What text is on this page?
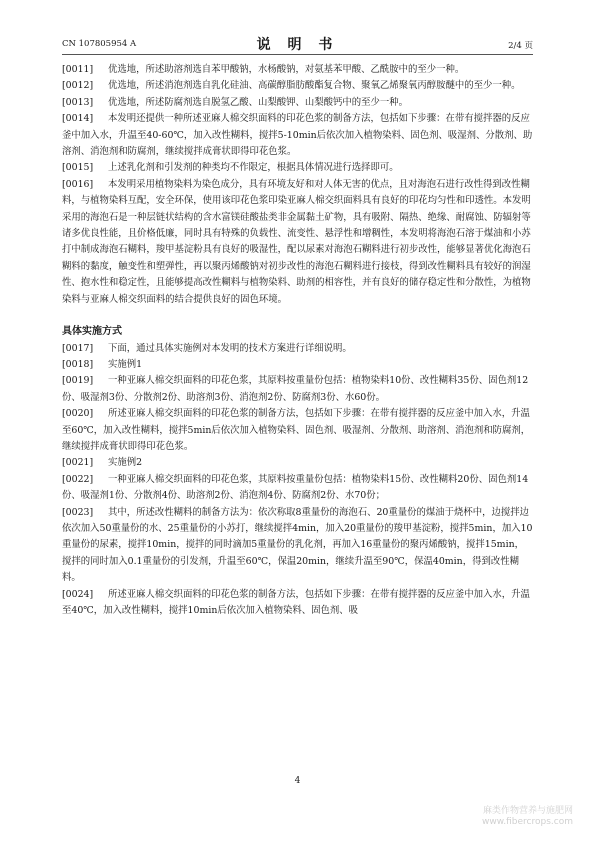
CN 107805954 A	说 明 书	2/4 页
[0011] 优选地，所述助溶剂选自苯甲酸钠，水杨酸钠，对氨基苯甲酸、乙酰胺中的至少一种。
[0012] 优选地，所述消泡剂选自乳化硅油、高碳醇脂肪酸酯复合物、聚氧乙烯聚氧丙醇胺醚中的至少一种。
[0013] 优选地，所述防腐剂选自脱氢乙酸、山梨酸钾、山梨酸钙中的至少一种。
[0014] 本发明还提供一种所述亚麻人棉交织面料的印花色浆的制备方法，包括如下步骤：在带有搅拌器的反应釜中加入水，升温至40-60℃，加入改性糊料，搅拌5-10min后依次加入植物染料、固色剂、吸湿剂、分散剂、助溶剂、消泡剂和防腐剂，继续搅拌成膏状即得印花色浆。
[0015] 上述乳化剂和引发剂的种类均不作限定，根据具体情况进行选择即可。
[0016] 本发明采用植物染料为染色成分，具有环境友好和对人体无害的优点，且对海泡石进行改性得到改性糊料，与植物染料互配，安全环保，使用该印花色浆印染亚麻人棉交织面料具有良好的印花均匀性和印透性。本发明采用的海泡石是一种层链状结构的含水富镁硅酸盐类非金属黏土矿物，具有吸附、隔热、绝缘、耐腐蚀、防辐射等诸多优良性能，且价格低廉，同时具有特殊的负载性、流变性、悬浮性和增稠性，本发明将海泡石溶于煤油和小苏打中制成海泡石糊料，羧甲基淀粉具有良好的吸湿性，配以尿素对海泡石糊料进行初步改性，能够显著优化海泡石糊料的黏度，触变性和塑弹性，再以聚丙烯酸钠对初步改性的海泡石糊料进行接枝，得到改性糊料具有较好的润湿性、抱水性和稳定性，且能够提高改性糊料与植物染料、助剂的相容性，并有良好的储存稳定性和分散性，为植物染料与亚麻人棉交织面料的结合提供良好的固色环境。
具体实施方式
[0017] 下面，通过具体实施例对本发明的技术方案进行详细说明。
[0018] 实施例1
[0019] 一种亚麻人棉交织面料的印花色浆，其原料按重量份包括：植物染料10份、改性糊料35份、固色剂12份、吸湿剂3份、分散剂2份、助溶剂3份、消泡剂2份、防腐剂3份、水60份。
[0020] 所述亚麻人棉交织面料的印花色浆的制备方法，包括如下步骤：在带有搅拌器的反应釜中加入水，升温至60℃，加入改性糊料，搅拌5min后依次加入植物染料、固色剂、吸湿剂、分散剂、助溶剂、消泡剂和防腐剂，继续搅拌成膏状即得印花色浆。
[0021] 实施例2
[0022] 一种亚麻人棉交织面料的印花色浆，其原料按重量份包括：植物染料15份、改性糊料20份、固色剂14份、吸湿剂1份、分散剂4份、助溶剂2份、消泡剂4份、防腐剂2份、水70份；
[0023] 其中，所述改性糊料的制备方法为：依次称取8重量份的海泡石、20重量份的煤油于烧杯中，边搅拌边依次加入50重量份的水、25重量份的小苏打，继续搅拌4min，加入20重量份的羧甲基淀粉，搅拌5min，加入10重量份的尿素，搅拌10min，搅拌的同时滴加5重量份的乳化剂，再加入16重量份的聚丙烯酸钠，搅拌15min，搅拌的同时加入0.1重量份的引发剂，升温至60℃，保温20min，继续升温至90℃，保温40min，得到改性糊料。
[0024] 所述亚麻人棉交织面料的印花色浆的制备方法，包括如下步骤：在带有搅拌器的反应釜中加入水，升温至40℃，加入改性糊料，搅拌10min后依次加入植物染料、固色剂、吸
4
麻类作物营养与施肥网
www.fibercrops.com
